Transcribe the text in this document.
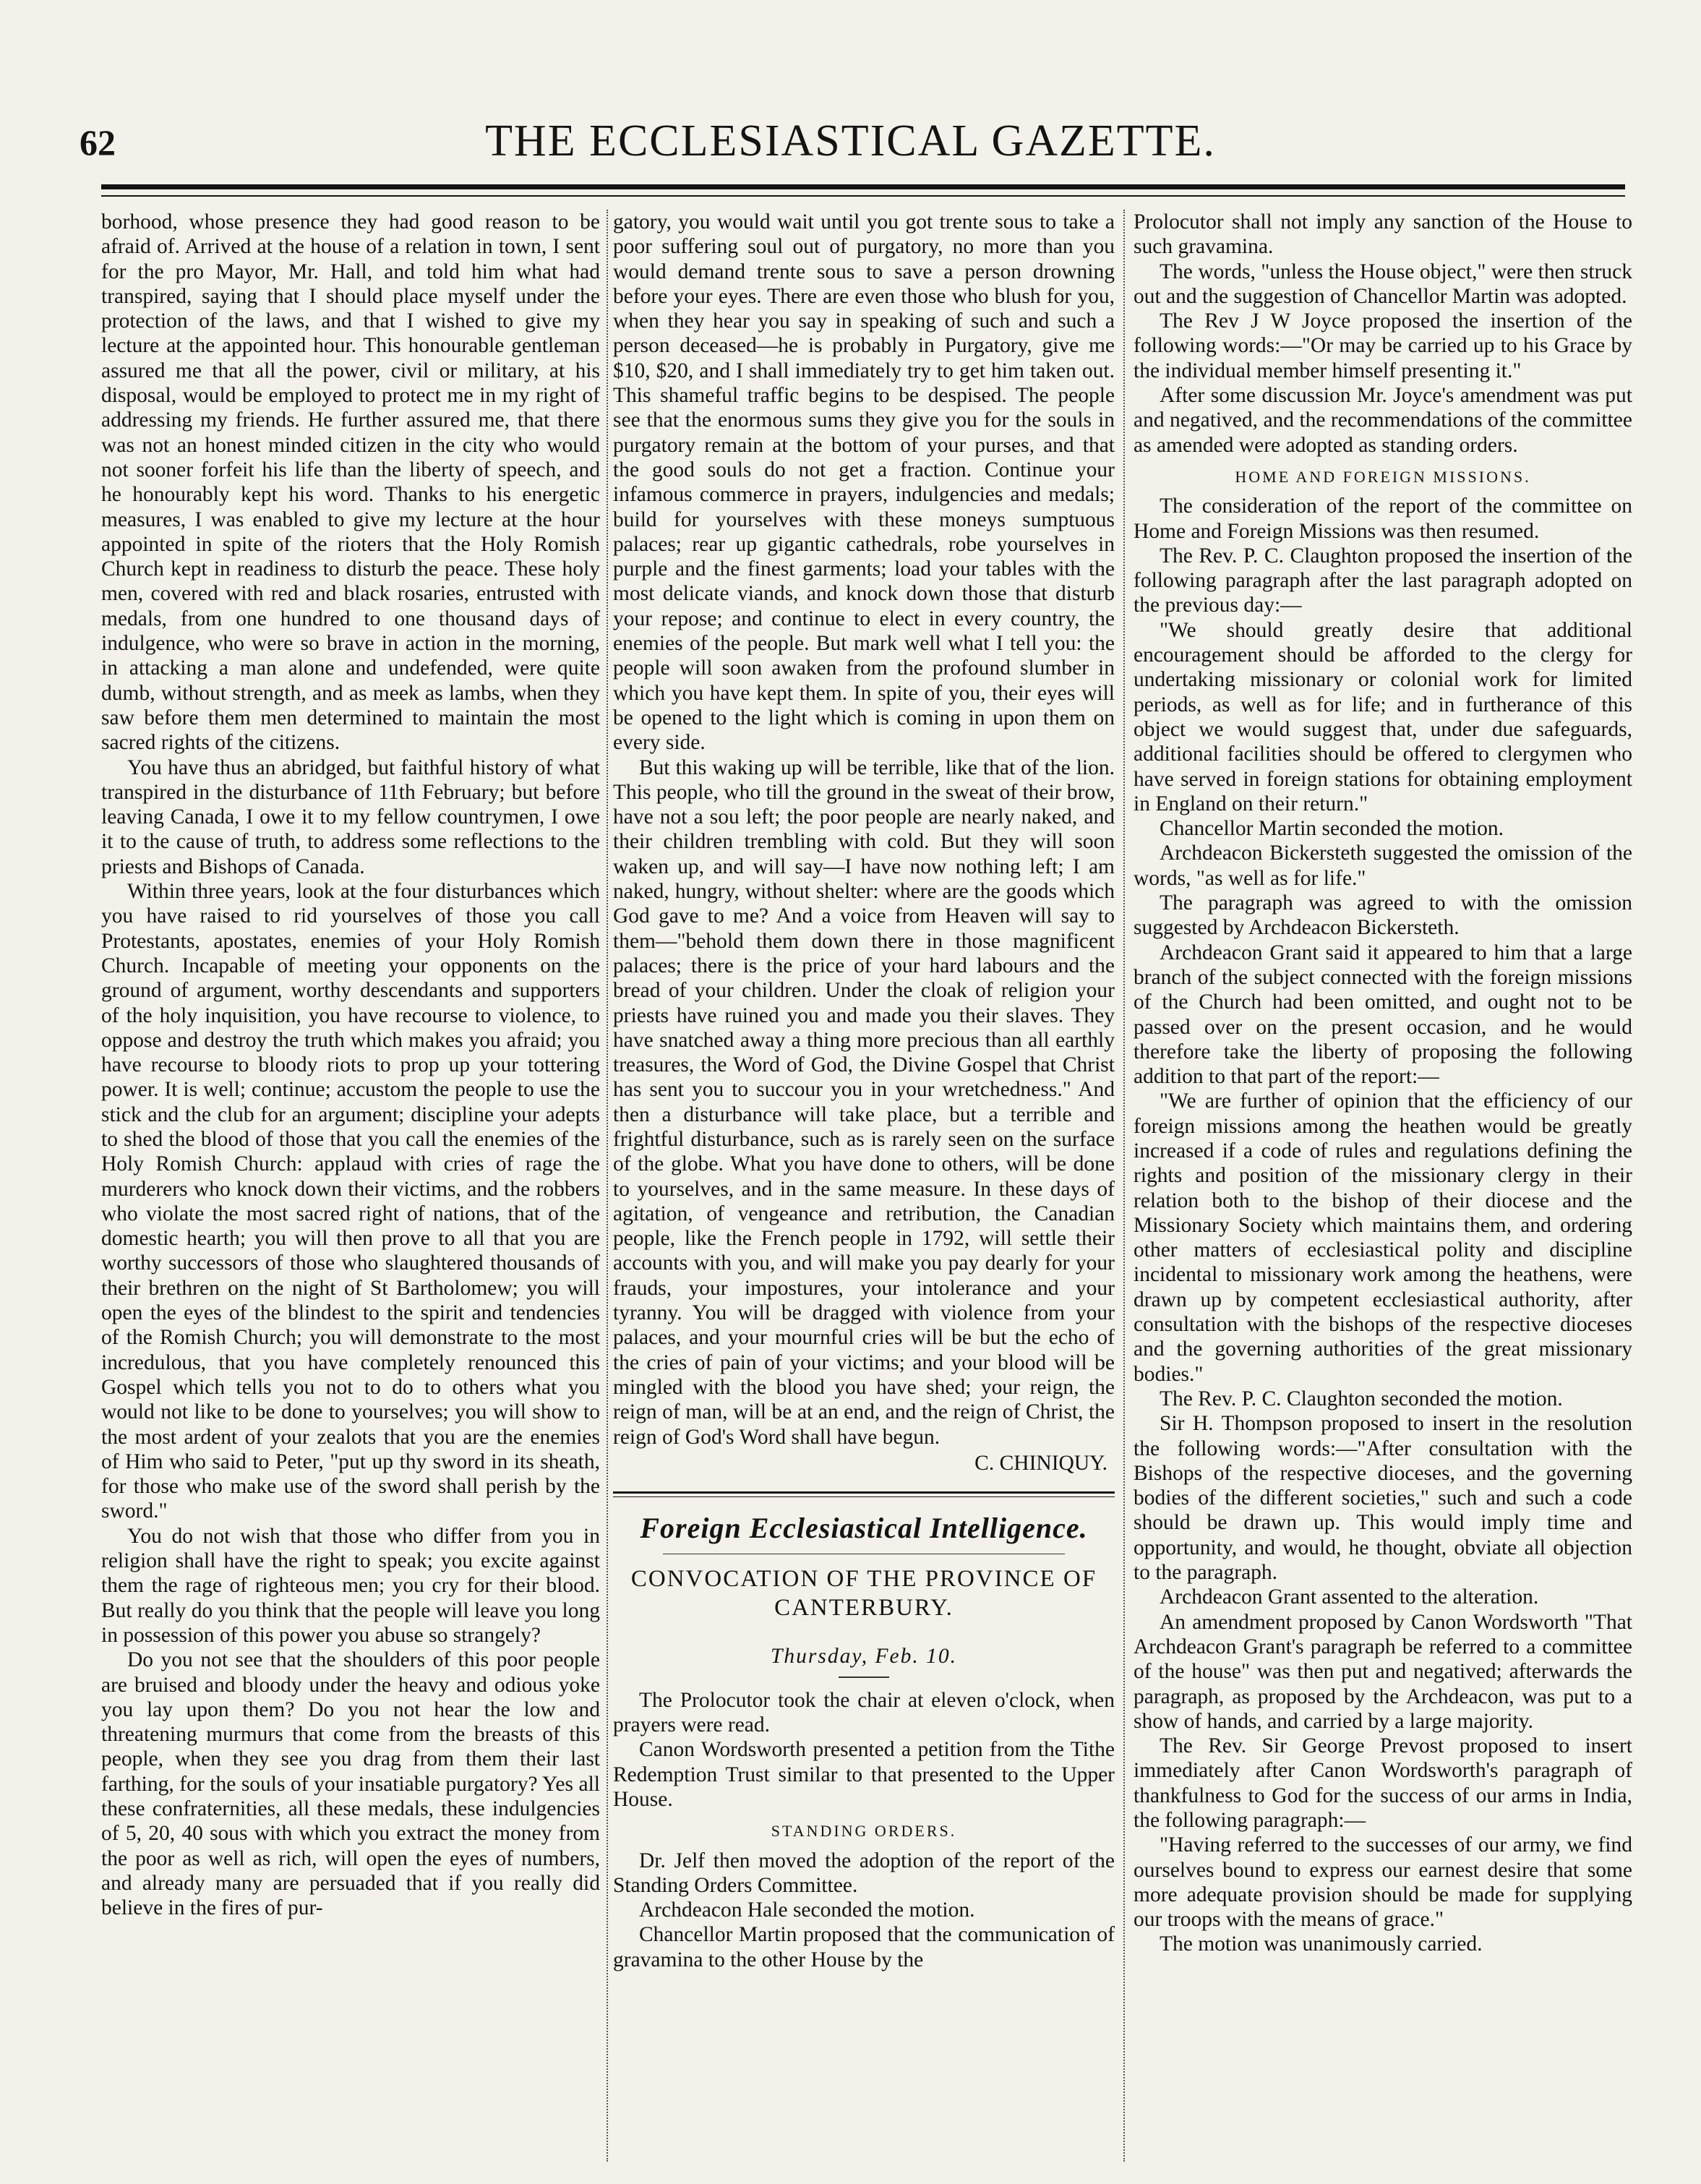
62	THE ECCLESIASTICAL GAZETTE.

borhood, whose presence they had good reason to be afraid of. Arrived at the house of a relation in town, I sent for the pro Mayor, Mr. Hall, and told him what had transpired, saying that I should place myself under the protection of the laws, and that I wished to give my lecture at the appointed hour. This honourable gentleman assured me that all the power, civil or military, at his disposal, would be employed to protect me in my right of addressing my friends. He further assured me, that there was not an honest minded citizen in the city who would not sooner forfeit his life than the liberty of speech, and he honourably kept his word. Thanks to his energetic measures, I was enabled to give my lecture at the hour appointed in spite of the rioters that the Holy Romish Church kept in readiness to disturb the peace. These holy men, covered with red and black rosaries, entrusted with medals, from one hundred to one thousand days of indulgence, who were so brave in action in the morning, in attacking a man alone and undefended, were quite dumb, without strength, and as meek as lambs, when they saw before them men determined to maintain the most sacred rights of the citizens.

You have thus an abridged, but faithful history of what transpired in the disturbance of 11th February; but before leaving Canada, I owe it to my fellow countrymen, I owe it to the cause of truth, to address some reflections to the priests and Bishops of Canada.

Within three years, look at the four disturbances which you have raised to rid yourselves of those you call Protestants, apostates, enemies of your Holy Romish Church. Incapable of meeting your opponents on the ground of argument, worthy descendants and supporters of the holy inquisition, you have recourse to violence, to oppose and destroy the truth which makes you afraid; you have recourse to bloody riots to prop up your tottering power. It is well; continue; accustom the people to use the stick and the club for an argument; discipline your adepts to shed the blood of those that you call the enemies of the Holy Romish Church: applaud with cries of rage the murderers who knock down their victims, and the robbers who violate the most sacred right of nations, that of the domestic hearth; you will then prove to all that you are worthy successors of those who slaughtered thousands of their brethren on the night of St Bartholomew; you will open the eyes of the blindest to the spirit and tendencies of the Romish Church; you will demonstrate to the most incredulous, that you have completely renounced this Gospel which tells you not to do to others what you would not like to be done to yourselves; you will show to the most ardent of your zealots that you are the enemies of Him who said to Peter, "put up thy sword in its sheath, for those who make use of the sword shall perish by the sword."

You do not wish that those who differ from you in religion shall have the right to speak; you excite against them the rage of righteous men; you cry for their blood. But really do you think that the people will leave you long in possession of this power you abuse so strangely?

Do you not see that the shoulders of this poor people are bruised and bloody under the heavy and odious yoke you lay upon them? Do you not hear the low and threatening murmurs that come from the breasts of this people, when they see you drag from them their last farthing, for the souls of your insatiable purgatory? Yes all these confraternities, all these medals, these indulgencies of 5, 20, 40 sous with which you extract the money from the poor as well as rich, will open the eyes of numbers, and already many are persuaded that if you really did believe in the fires of pur-

gatory, you would wait until you got trente sous to take a poor suffering soul out of purgatory, no more than you would demand trente sous to save a person drowning before your eyes. There are even those who blush for you, when they hear you say in speaking of such and such a person deceased—he is probably in Purgatory, give me $10, $20, and I shall immediately try to get him taken out. This shameful traffic begins to be despised. The people see that the enormous sums they give you for the souls in purgatory remain at the bottom of your purses, and that the good souls do not get a fraction. Continue your infamous commerce in prayers, indulgencies and medals; build for yourselves with these moneys sumptuous palaces; rear up gigantic cathedrals, robe yourselves in purple and the finest garments; load your tables with the most delicate viands, and knock down those that disturb your repose; and continue to elect in every country, the enemies of the people. But mark well what I tell you: the people will soon awaken from the profound slumber in which you have kept them. In spite of you, their eyes will be opened to the light which is coming in upon them on every side.

But this waking up will be terrible, like that of the lion. This people, who till the ground in the sweat of their brow, have not a sou left; the poor people are nearly naked, and their children trembling with cold. But they will soon waken up, and will say—I have now nothing left; I am naked, hungry, without shelter: where are the goods which God gave to me? And a voice from Heaven will say to them—"behold them down there in those magnificent palaces; there is the price of your hard labours and the bread of your children. Under the cloak of religion your priests have ruined you and made you their slaves. They have snatched away a thing more precious than all earthly treasures, the Word of God, the Divine Gospel that Christ has sent you to succour you in your wretchedness." And then a disturbance will take place, but a terrible and frightful disturbance, such as is rarely seen on the surface of the globe. What you have done to others, will be done to yourselves, and in the same measure. In these days of agitation, of vengeance and retribution, the Canadian people, like the French people in 1792, will settle their accounts with you, and will make you pay dearly for your frauds, your impostures, your intolerance and your tyranny. You will be dragged with violence from your palaces, and your mournful cries will be but the echo of the cries of pain of your victims; and your blood will be mingled with the blood you have shed; your reign, the reign of man, will be at an end, and the reign of Christ, the reign of God's Word shall have begun.

C. CHINIQUY.
Foreign Ecclesiastical Intelligence.
CONVOCATION OF THE PROVINCE OF CANTERBURY.
Thursday, Feb. 10.

The Prolocutor took the chair at eleven o'clock, when prayers were read.

Canon Wordsworth presented a petition from the Tithe Redemption Trust similar to that presented to the Upper House.

STANDING ORDERS.

Dr. Jelf then moved the adoption of the report of the Standing Orders Committee.

Archdeacon Hale seconded the motion.

Chancellor Martin proposed that the communication of gravamina to the other House by the

Prolocutor shall not imply any sanction of the House to such gravamina.

The words, "unless the House object," were then struck out and the suggestion of Chancellor Martin was adopted.

The Rev J W Joyce proposed the insertion of the following words:—"Or may be carried up to his Grace by the individual member himself presenting it."

After some discussion Mr. Joyce's amendment was put and negatived, and the recommendations of the committee as amended were adopted as standing orders.

HOME AND FOREIGN MISSIONS.

The consideration of the report of the committee on Home and Foreign Missions was then resumed.

The Rev. P. C. Claughton proposed the insertion of the following paragraph after the last paragraph adopted on the previous day:—

"We should greatly desire that additional encouragement should be afforded to the clergy for undertaking missionary or colonial work for limited periods, as well as for life; and in furtherance of this object we would suggest that, under due safeguards, additional facilities should be offered to clergymen who have served in foreign stations for obtaining employment in England on their return."

Chancellor Martin seconded the motion.

Archdeacon Bickersteth suggested the omission of the words, "as well as for life."

The paragraph was agreed to with the omission suggested by Archdeacon Bickersteth.

Archdeacon Grant said it appeared to him that a large branch of the subject connected with the foreign missions of the Church had been omitted, and ought not to be passed over on the present occasion, and he would therefore take the liberty of proposing the following addition to that part of the report:—

"We are further of opinion that the efficiency of our foreign missions among the heathen would be greatly increased if a code of rules and regulations defining the rights and position of the missionary clergy in their relation both to the bishop of their diocese and the Missionary Society which maintains them, and ordering other matters of ecclesiastical polity and discipline incidental to missionary work among the heathens, were drawn up by competent ecclesiastical authority, after consultation with the bishops of the respective dioceses and the governing authorities of the great missionary bodies."

The Rev. P. C. Claughton seconded the motion.

Sir H. Thompson proposed to insert in the resolution the following words:—"After consultation with the Bishops of the respective dioceses, and the governing bodies of the different societies," such and such a code should be drawn up. This would imply time and opportunity, and would, he thought, obviate all objection to the paragraph.

Archdeacon Grant assented to the alteration.

An amendment proposed by Canon Wordsworth "That Archdeacon Grant's paragraph be referred to a committee of the house" was then put and negatived; afterwards the paragraph, as proposed by the Archdeacon, was put to a show of hands, and carried by a large majority.

The Rev. Sir George Prevost proposed to insert immediately after Canon Wordsworth's paragraph of thankfulness to God for the success of our arms in India, the following paragraph:—

"Having referred to the successes of our army, we find ourselves bound to express our earnest desire that some more adequate provision should be made for supplying our troops with the means of grace."

The motion was unanimously carried.
